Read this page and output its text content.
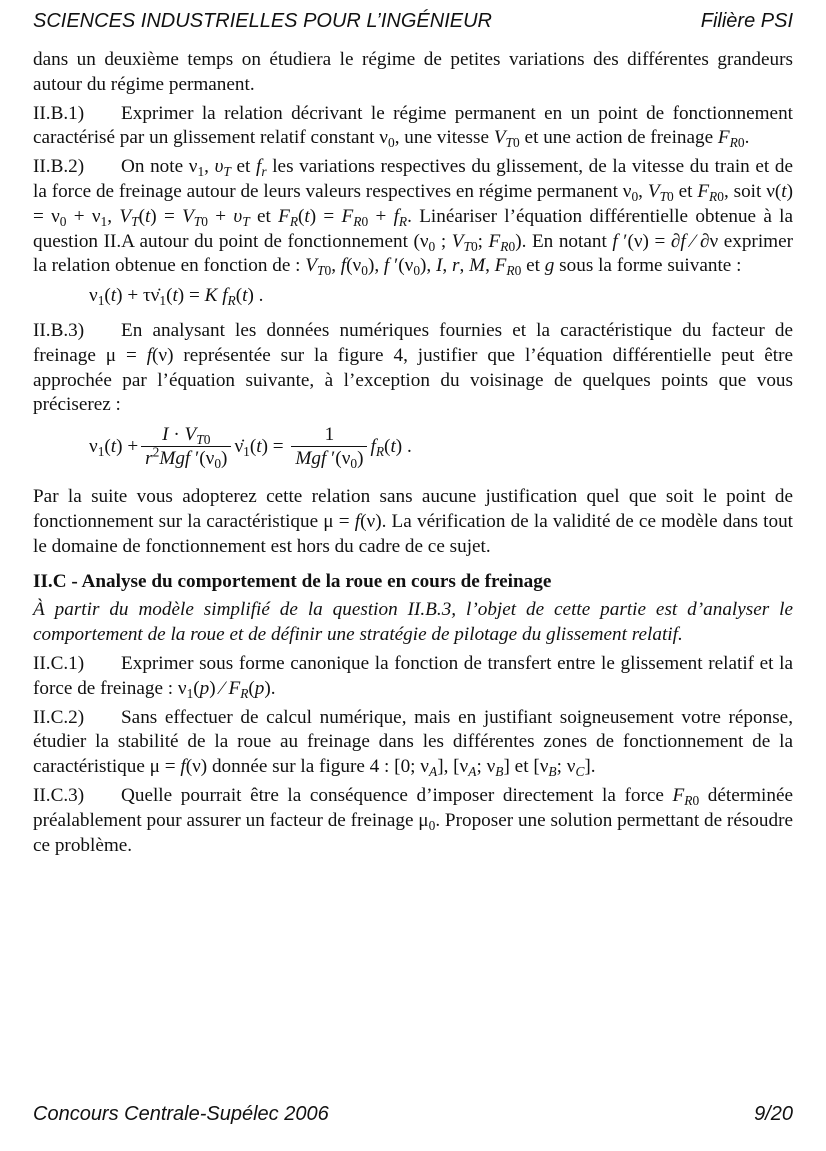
SCIENCES INDUSTRIELLES POUR L’INGÉNIEUR	Filière PSI

dans un deuxième temps on étudiera le régime de petites variations des différentes grandeurs autour du régime permanent.

II.B.1) Exprimer la relation décrivant le régime permanent en un point de fonctionnement caractérisé par un glissement relatif constant $\nu_0$, une vitesse $V_{T0}$ et une action de freinage $F_{R0}$.

II.B.2) On note $\nu_1$, $\upsilon_T$ et $f_r$ les variations respectives du glissement, de la vitesse du train et de la force de freinage autour de leurs valeurs respectives en régime permanent $\nu_0$, $V_{T0}$ et $F_{R0}$, soit $\nu(t) = \nu_0 + \nu_1$, $V_T(t) = V_{T0} + \upsilon_T$ et $F_R(t) = F_{R0} + f_R$. Linéariser l’équation différentielle obtenue à la question II.A autour du point de fonctionnement ($\nu_0$ ; $V_{T0}$; $F_{R0}$). En notant f ′(ν) = ∂f ⁄ ∂ν exprimer la relation obtenue en fonction de : $V_{T0}$, $f(\nu_0)$, f $'(\nu_0)$, I, r, M, $F_{R0}$ et g sous la forme suivante :
$\nu_1(t)$ + $\tau\nu̇_1(t) = K$ $f_R(t)$ .

II.B.3) En analysant les données numériques fournies et la caractéristique du facteur de freinage μ = f(ν) représentée sur la figure 4, justifier que l’équation différentielle peut être approchée par l’équation suivante, à l’exception du voisinage de quelques points que vous préciserez :

$\nu_1(t) + \frac{I \cdot V_{T0}}{r^2Mgf '(\nu_0)}$ $\nu̇_1(t) = \frac{1}{Mgf '(\nu_0)} f_R(t)$ .

Par la suite vous adopterez cette relation sans aucune justification quel que soit le point de fonctionnement sur la caractéristique μ = f(ν). La vérification de la validité de ce modèle dans tout le domaine de fonctionnement est hors du cadre de ce sujet.

II.C - Analyse du comportement de la roue en cours de freinage

À partir du modèle simplifié de la question II.B.3, l’objet de cette partie est d’analyser le comportement de la roue et de définir une stratégie de pilotage du glissement relatif.

II.C.1) Exprimer sous forme canonique la fonction de transfert entre le glissement relatif et la force de freinage : $\nu_1(p)$ ⁄ $F_R(p)$.

II.C.2) Sans effectuer de calcul numérique, mais en justifiant soigneusement votre réponse, étudier la stabilité de la roue au freinage dans les différentes zones de fonctionnement de la caractéristique μ = f(ν) donnée sur la figure 4 : [0; $\nu_A$], [$\nu_A$; $\nu_B$] et [$\nu_B$; $\nu_C$].

II.C.3) Quelle pourrait être la conséquence d’imposer directement la force $F_{R0}$ déterminée préalablement pour assurer un facteur de freinage $\mu_0$. Proposer une solution permettant de résoudre ce problème.

Concours Centrale-Supélec 2006	9/20
